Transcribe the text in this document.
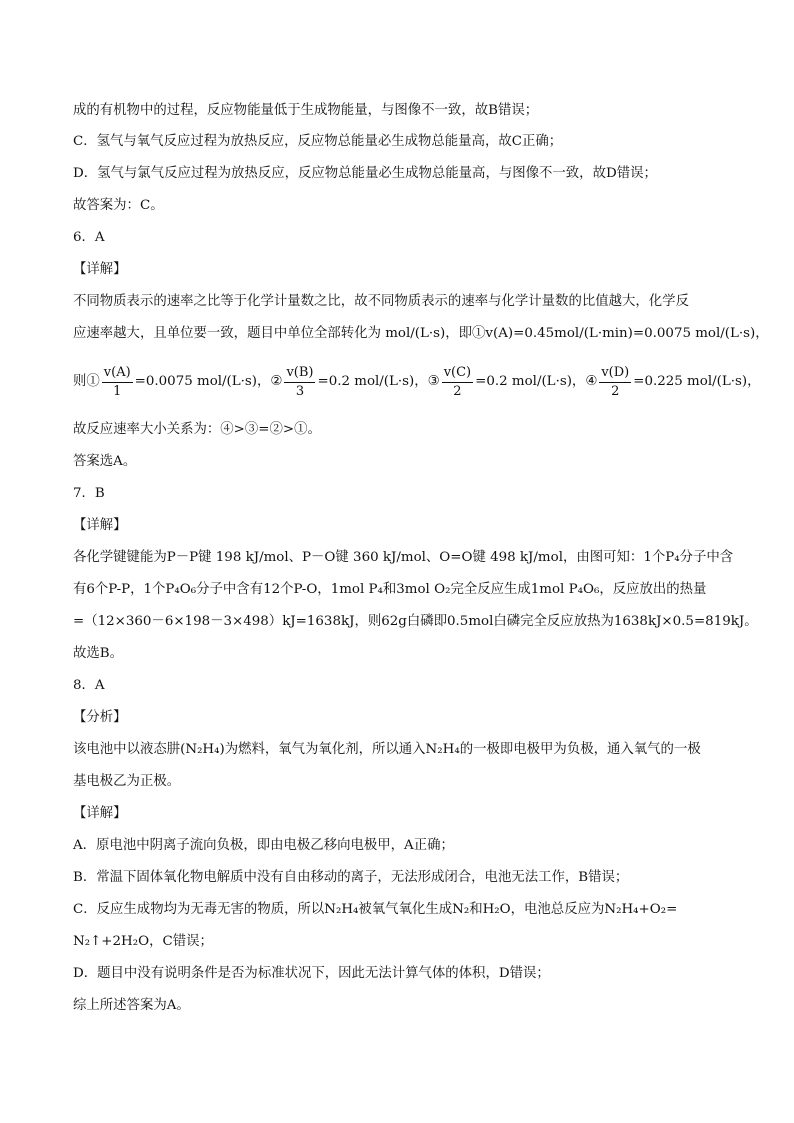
成的有机物中的过程，反应物能量低于生成物能量，与图像不一致，故B错误；
C．氢气与氧气反应过程为放热反应，反应物总能量必生成物总能量高，故C正确；
D．氢气与氯气反应过程为放热反应，反应物总能量必生成物总能量高，与图像不一致，故D错误；
故答案为：C。
6．A
【详解】
不同物质表示的速率之比等于化学计量数之比，故不同物质表示的速率与化学计量数的比值越大，化学反
应速率越大，且单位要一致，题目中单位全部转化为 mol/(L·s)，即①v(A)=0.45mol/(L·min)=0.0075 mol/(L·s)，
则① $\frac{v(A)}{1} =0.0075$ mol/(L·s)， ② $\frac{v(B)}{3} =0.2$ mol/(L·s)， ③ $\frac{v(C)}{2} =0.2$ mol/(L·s)， ④ $\frac{v(D)}{2} =0.225$ mol/(L·s)，
故反应速率大小关系为：④>③=②>①。
答案选A。
7．B
【详解】
各化学键键能为P－P键 198 kJ/mol、P－O键 360 kJ/mol、O=O键 498 kJ/mol，由图可知：1个P₄分子中含
有6个P-P，1个P₄O₆分子中含有12个P-O，1mol P₄和3mol O₂完全反应生成1mol P₄O₆，反应放出的热量
=（12×360－6×198－3×498）kJ=1638kJ，则62g白磷即0.5mol白磷完全反应放热为1638kJ×0.5=819kJ。
故选B。
8．A
【分析】
该电池中以液态肼(N₂H₄)为燃料，氧气为氧化剂，所以通入N₂H₄的一极即电极甲为负极，通入氧气的一极
基电极乙为正极。
【详解】
A．原电池中阴离子流向负极，即由电极乙移向电极甲，A正确；
B．常温下固体氧化物电解质中没有自由移动的离子，无法形成闭合，电池无法工作，B错误；
C．反应生成物均为无毒无害的物质，所以N₂H₄被氧气氧化生成N₂和H₂O，电池总反应为N₂H₄+O₂=
N₂↑+2H₂O，C错误；
D．题目中没有说明条件是否为标准状况下，因此无法计算气体的体积，D错误；
综上所述答案为A。
